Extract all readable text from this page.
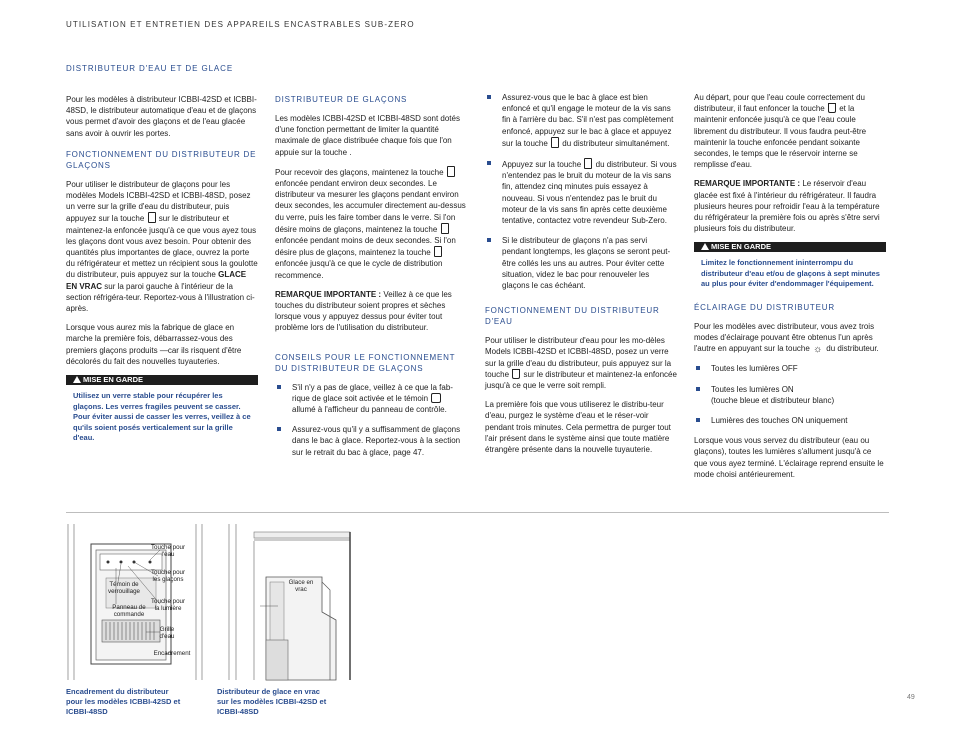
UTILISATION ET ENTRETIEN DES APPAREILS ENCASTRABLES SUB-ZERO
DISTRIBUTEUR D'EAU ET DE GLACE

Pour les modèles à distributeur ICBBI-42SD et ICBBI-48SD, le distributeur automatique d'eau et de glaçons vous permet d'avoir des glaçons et de l'eau glacée sans avoir à ouvrir les portes.

FONCTIONNEMENT DU DISTRIBUTEUR DE GLAÇONS

Pour utiliser le distributeur de glaçons pour les modèles Models ICBBI-42SD et ICBBI-48SD, posez un verre sur la grille d'eau du distributeur, puis appuyez sur la touche sur le distributeur et maintenez-la enfoncée jusqu'à ce que vous ayez tous les glaçons dont vous avez besoin. Pour obtenir des quantités plus importantes de glace, ouvrez la porte du réfrigérateur et mettez un récipient sous la goulotte du distributeur, puis appuyez sur la touche GLACE EN VRAC sur la paroi gauche à l'intérieur de la section réfrigéra-teur. Reportez-vous à l'illustration ci-après.

Lorsque vous aurez mis la fabrique de glace en marche la première fois, débarrassez-vous des premiers glaçons produits —car ils risquent d'être décolorés du fait des nouvelles tuyauteries.

MISE EN GARDE
Utilisez un verre stable pour récupérer les glaçons. Les verres fragiles peuvent se casser. Pour éviter aussi de casser les verres, veillez à ce qu'ils soient posés verticalement sur la grille d'eau.
DISTRIBUTEUR DE GLAÇONS

Les modèles ICBBI-42SD et ICBBI-48SD sont dotés d'une fonction permettant de limiter la quantité maximale de glace distribuée chaque fois que l'on appuie sur la touche .

Pour recevoir des glaçons, maintenez la touche  enfoncée pendant environ deux secondes. Le distributeur va mesurer les glaçons pendant environ deux secondes, les accumuler directement au-dessus du verre, puis les faire tomber dans le verre. Si l'on désire moins de glaçons, maintenez la touche  enfoncée pendant moins de deux secondes. Si l'on désire plus de glaçons, maintenez la touche  enfoncée jusqu'à ce que le cycle de distribution recommence.

REMARQUE IMPORTANTE : Veillez à ce que les touches du distributeur soient propres et sèches lorsque vous y appuyez dessus pour éviter tout problème lors de l'utilisation du distributeur.

CONSEILS POUR LE FONCTIONNEMENT DU DISTRIBUTEUR DE GLAÇONS
S'il n'y a pas de glace, veillez à ce que la fab-rique de glace soit activée et le témoin  allumé à l'afficheur du panneau de contrôle.
Assurez-vous qu'il y a suffisamment de glaçons dans le bac à glace. Reportez-vous à la section sur le retrait du bac à glace, page 47.
Assurez-vous que le bac à glace est bien enfoncé et qu'il engage le moteur de la vis sans fin à l'arrière du bac. S'il n'est pas complètement enfoncé, appuyez sur le bac à glace et appuyez sur la touche du distributeur simultanément.
Appuyez sur la touche du distributeur. Si vous n'entendez pas le bruit du moteur de la vis sans fin, attendez cinq minutes puis essayez à nouveau. Si vous n'entendez pas le bruit du moteur de la vis sans fin après cette deuxième tentative, contactez votre revendeur Sub-Zero.
Si le distributeur de glaçons n'a pas servi pendant longtemps, les glaçons se seront peut-être collés les uns au autres. Pour éviter cette situation, videz le bac pour renouveler les glaçons le cas échéant.
FONCTIONNEMENT DU DISTRIBUTEUR D'EAU

Pour utiliser le distributeur d'eau pour les mo-dèles Models ICBBI-42SD et ICBBI-48SD, posez un verre sur la grille d'eau du distributeur, puis appuyez sur la touche sur le distributeur et maintenez-la enfoncée jusqu'à ce que le verre soit rempli.

La première fois que vous utiliserez le distribu-teur d'eau, purgez le système d'eau et le réser-voir pendant trois minutes. Cela permettra de purger tout l'air présent dans le système ainsi que toute matière étrangère présente dans la nouvelle tuyauterie.

Au départ, pour que l'eau coule correctement du distributeur, il faut enfoncer la touche et la maintenir enfoncée jusqu'à ce que l'eau coule librement du distributeur. Il vous faudra peut-être maintenir la touche enfoncée pendant soixante secondes, le temps que le réservoir interne se remplisse d'eau.

REMARQUE IMPORTANTE : Le réservoir d'eau glacée est fixé à l'intérieur du réfrigérateur. Il faudra plusieurs heures pour refroidir l'eau à la température du réfrigérateur la première fois ou après s'être servi plusieurs fois du distributeur.

MISE EN GARDE
Limitez le fonctionnement ininterrompu du distributeur d'eau et/ou de glaçons à sept minutes au plus pour éviter d'endommager l'équipement.
ÉCLAIRAGE DU DISTRIBUTEUR

Pour les modèles avec distributeur, vous avez trois modes d'éclairage pouvant être obtenus l'un après l'autre en appuyant sur la touche ☼ du distributeur.

Toutes les lumières OFF
Toutes les lumières ON
(touche bleue et distributeur blanc)
Lumières des touches ON uniquement

Lorsque vous vous servez du distributeur (eau ou glaçons), toutes les lumières s'allument jusqu'à ce que vous ayez terminé. L'éclairage reprend ensuite le mode choisi antérieurement.

Touche pour l'eau
Touche pour les glaçons
Témoin de verrouillage
Panneau de commande
Touche pour la lumière
Grille d'eau
Encadrement
Encadrement du distributeur pour les modèles ICBBI-42SD et ICBBI-48SD
Glace en vrac
Distributeur de glace en vrac sur les modèles ICBBI-42SD et ICBBI-48SD
49
